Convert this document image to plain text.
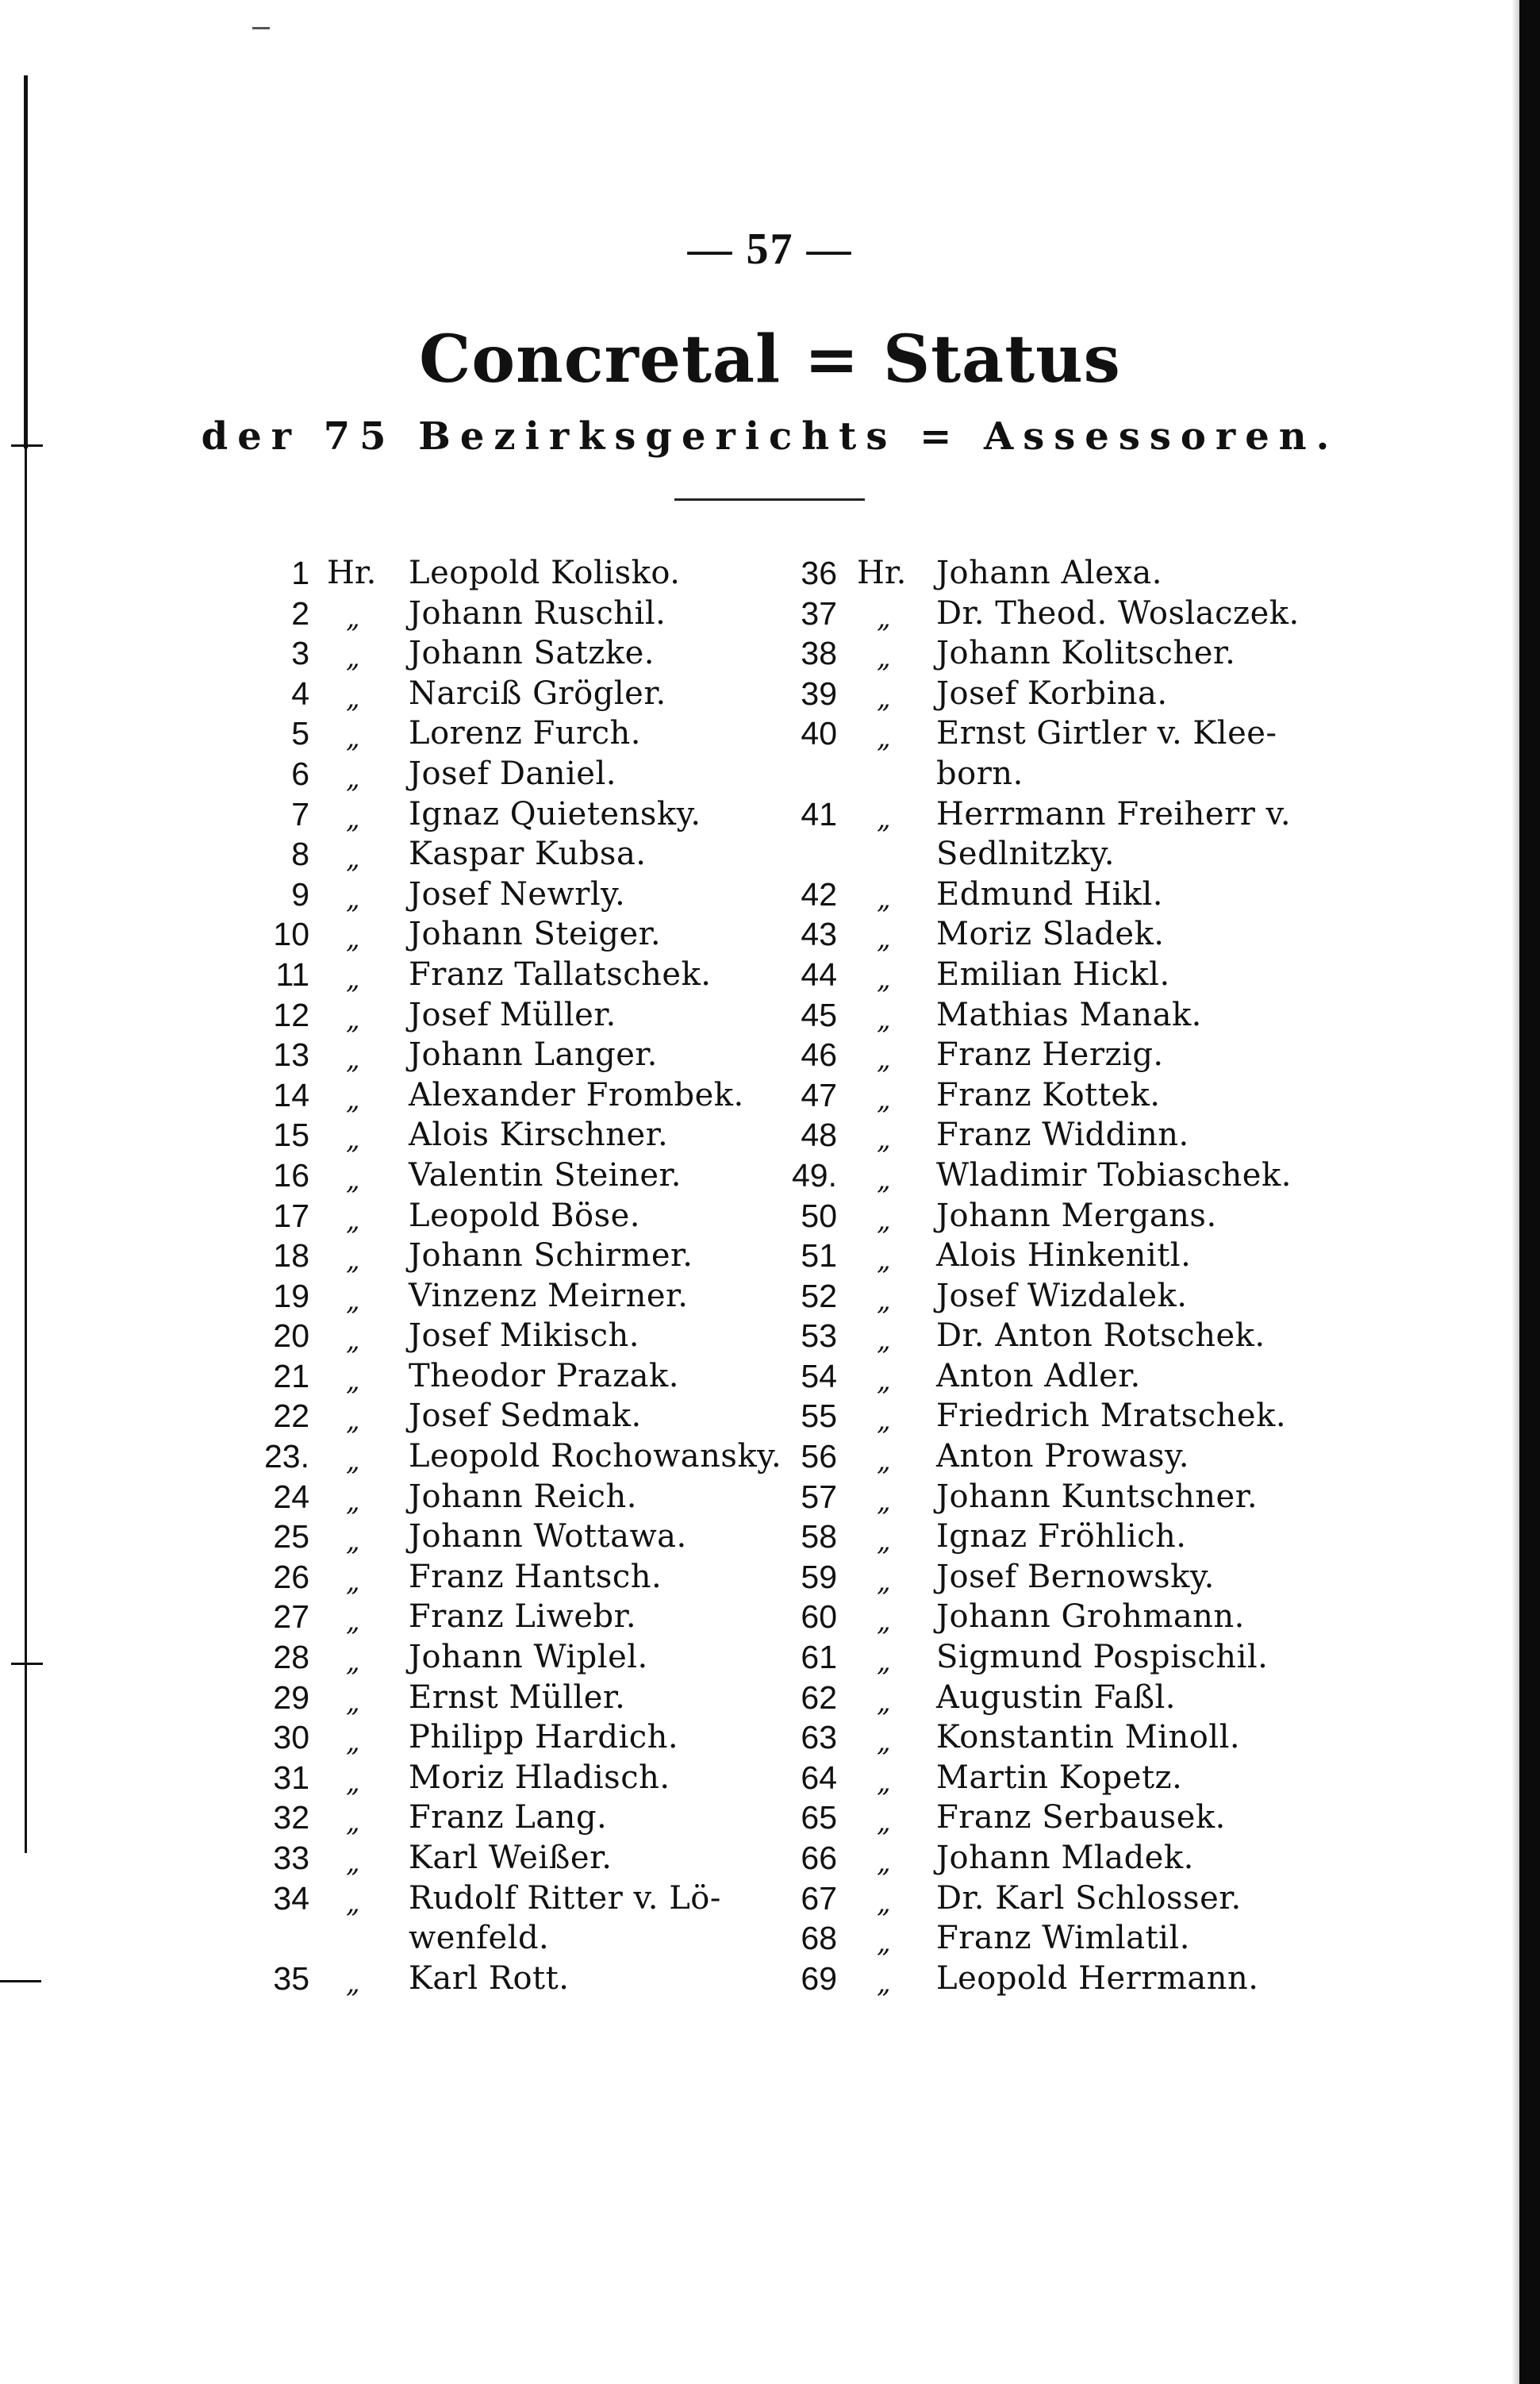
— 57 —
Concretal = Status
der 75 Bezirksgerichts = Assessoren.
1 Hr.	Leopold Kolisko.
2 „ Johann Ruschil.
3 „ Johann Satzke.
4 „ Narciß Grögler.
5 „ Lorenz Furch.
6 „ Josef Daniel.
7 „ Ignaz Quietensky.
8 „ Kaspar Kubsa.
9 „ Josef Newrly.
10 „ Johann Steiger.
11 „ Franz Tallatschek.
12 „ Josef Müller.
13 „ Johann Langer.
14 „ Alexander Frombek.
15 „ Alois Kirschner.
16 „ Valentin Steiner.
17 „ Leopold Böse.
18 „ Johann Schirmer.
19 „ Vinzenz Meirner.
20 „ Josef Mikisch.
21 „ Theodor Prazak.
22 „ Josef Sedmak.
23. „ Leopold Rochowansky.
24 „ Johann Reich.
25 „ Johann Wottawa.
26 „ Franz Hantsch.
27 „ Franz Liwebr.
28 „ Johann Wiplel.
29 „ Ernst Müller.
30 „ Philipp Hardich.
31 „ Moriz Hladisch.
32 „ Franz Lang.
33 „ Karl Weißer.
34 „ Rudolf Ritter v. Lö-
wenfeld.
35 „ Karl Rott.
36 Hr. Johann Alexa.
37 „ Dr. Theod. Woslaczek.
38 „ Johann Kolitscher.
39 „ Josef Korbina.
40 „ Ernst Girtler v. Klee-
born.
41 „ Herrmann Freiherr v.
Sedlnitzky.
42 „ Edmund Hikl.
43 „ Moriz Sladek.
44 „ Emilian Hickl.
45 „ Mathias Manak.
46 „ Franz Herzig.
47 „ Franz Kottek.
48 „ Franz Widdinn.
49. „ Wladimir Tobiaschek.
50 „ Johann Mergans.
51 „ Alois Hinkenitl.
52 „ Josef Wizdalek.
53 „ Dr. Anton Rotschek.
54 „ Anton Adler.
55 „ Friedrich Mratschek.
56 „ Anton Prowasy.
57 „ Johann Kuntschner.
58 „ Ignaz Fröhlich.
59 „ Josef Bernowsky.
60 „ Johann Grohmann.
61 „ Sigmund Pospischil.
62 „ Augustin Faßl.
63 „ Konstantin Minoll.
64 „ Martin Kopetz.
65 „ Franz Serbausek.
66 „ Johann Mladek.
67 „ Dr. Karl Schlosser.
68 „ Franz Wimlatil.
69 „ Leopold Herrmann.
